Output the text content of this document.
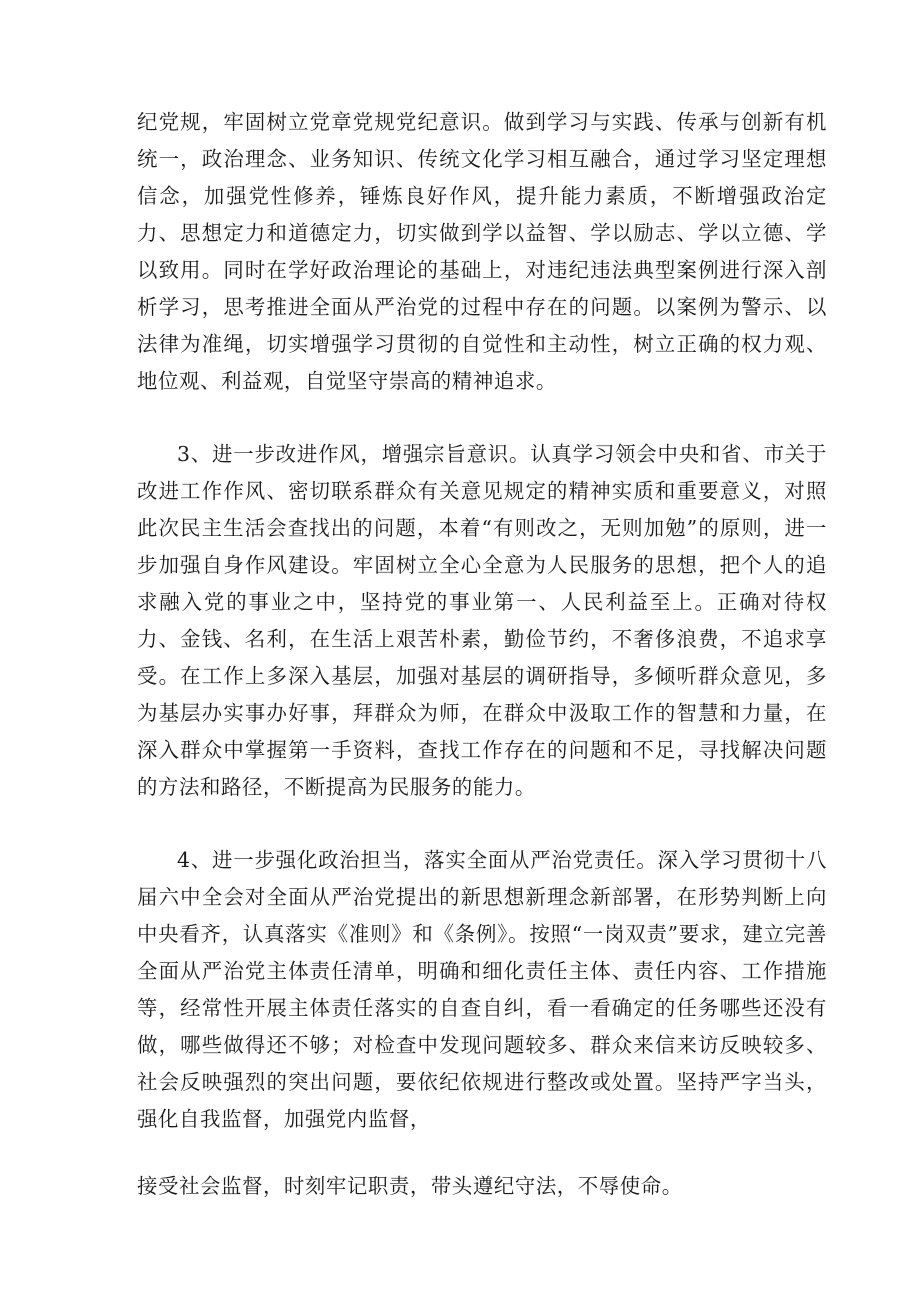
纪党规，牢固树立党章党规党纪意识。做到学习与实践、传承与创新有机统一，政治理念、业务知识、传统文化学习相互融合，通过学习坚定理想信念，加强党性修养，锤炼良好作风，提升能力素质，不断增强政治定力、思想定力和道德定力，切实做到学以益智、学以励志、学以立德、学以致用。同时在学好政治理论的基础上，对违纪违法典型案例进行深入剖析学习，思考推进全面从严治党的过程中存在的问题。以案例为警示、以法律为准绳，切实增强学习贯彻的自觉性和主动性，树立正确的权力观、地位观、利益观，自觉坚守崇高的精神追求。

3、进一步改进作风，增强宗旨意识。认真学习领会中央和省、市关于改进工作作风、密切联系群众有关意见规定的精神实质和重要意义，对照此次民主生活会查找出的问题，本着“有则改之，无则加勉”的原则，进一步加强自身作风建设。牢固树立全心全意为人民服务的思想，把个人的追求融入党的事业之中，坚持党的事业第一、人民利益至上。正确对待权力、金钱、名利，在生活上艰苦朴素，勤俭节约，不奢侈浪费，不追求享受。在工作上多深入基层，加强对基层的调研指导，多倾听群众意见，多为基层办实事办好事，拜群众为师，在群众中汲取工作的智慧和力量，在深入群众中掌握第一手资料，查找工作存在的问题和不足，寻找解决问题的方法和路径，不断提高为民服务的能力。

4、进一步强化政治担当，落实全面从严治党责任。深入学习贯彻十八届六中全会对全面从严治党提出的新思想新理念新部署，在形势判断上向中央看齐，认真落实《准则》和《条例》。按照“一岗双责”要求，建立完善全面从严治党主体责任清单，明确和细化责任主体、责任内容、工作措施等，经常性开展主体责任落实的自查自纠，看一看确定的任务哪些还没有做，哪些做得还不够；对检查中发现问题较多、群众来信来访反映较多、社会反映强烈的突出问题，要依纪依规进行整改或处置。坚持严字当头，强化自我监督，加强党内监督，

接受社会监督，时刻牢记职责，带头遵纪守法，不辱使命。
